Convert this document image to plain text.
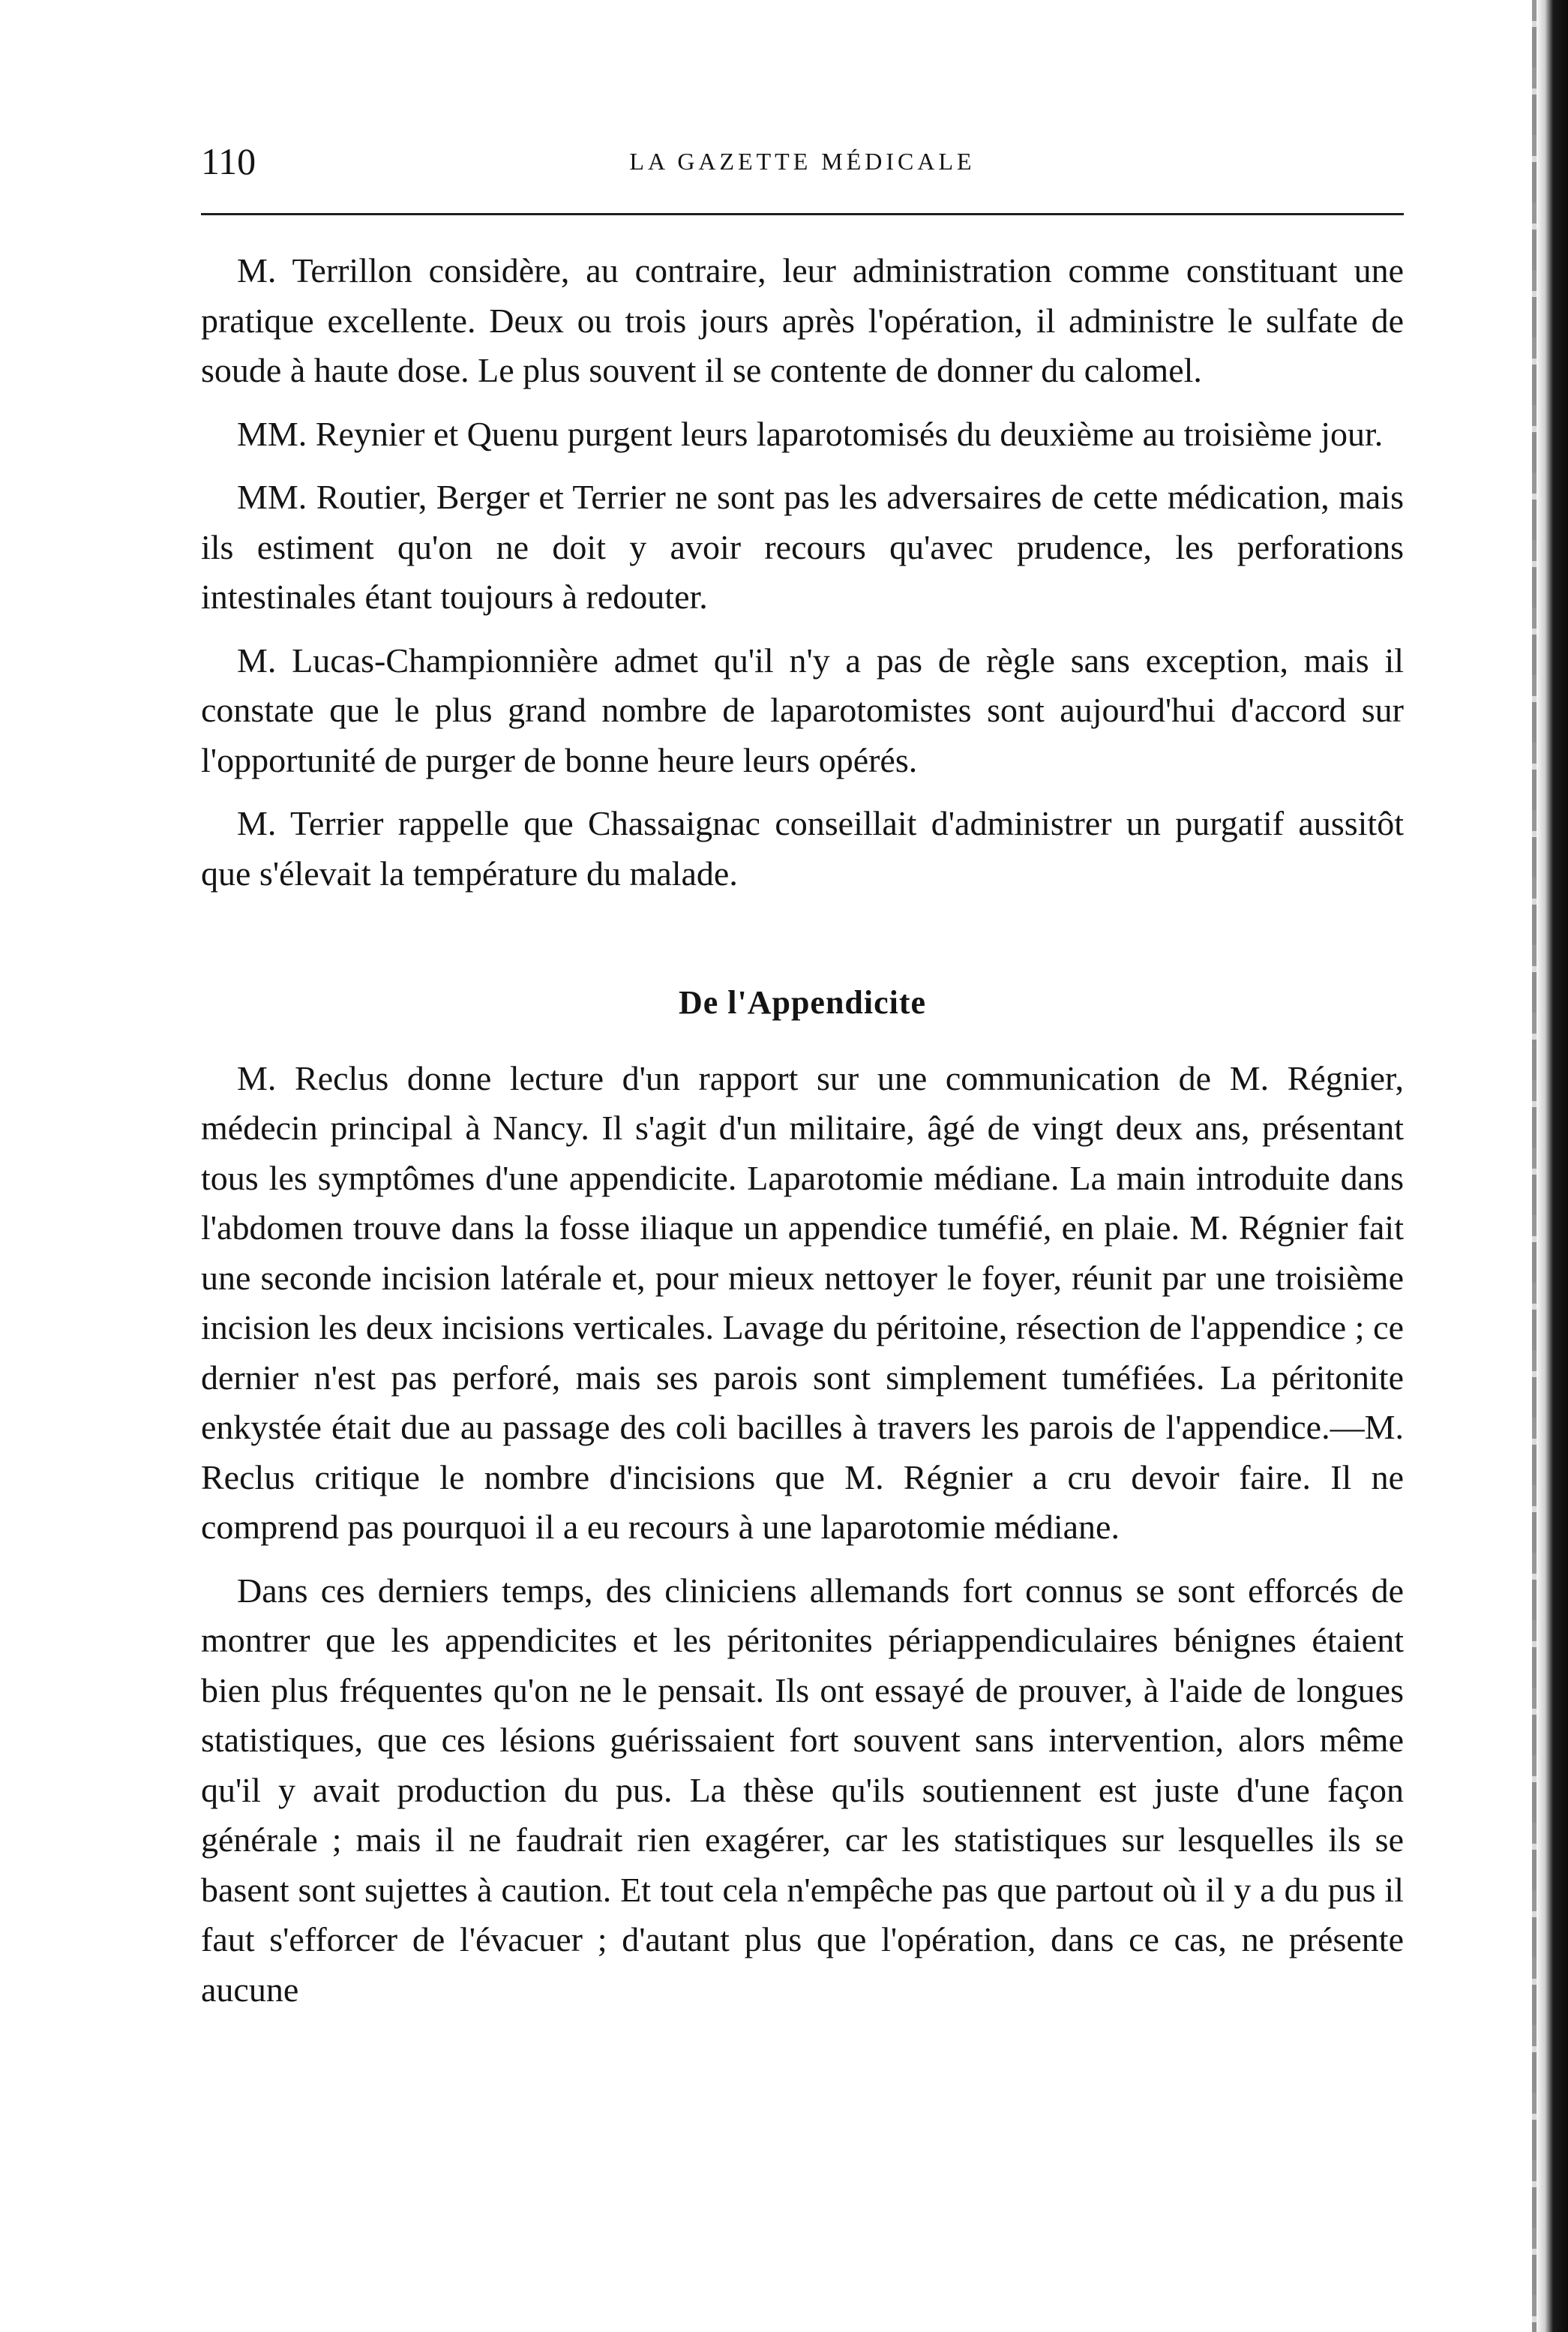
110	LA GAZETTE MÉDICALE

M. Terrillon considère, au contraire, leur administration comme constituant une pratique excellente. Deux ou trois jours après l'opération, il administre le sulfate de soude à haute dose. Le plus souvent il se contente de donner du calomel.

MM. Reynier et Quenu purgent leurs laparotomisés du deuxième au troisième jour.

MM. Routier, Berger et Terrier ne sont pas les adversaires de cette médication, mais ils estiment qu'on ne doit y avoir recours qu'avec prudence, les perforations intestinales étant toujours à redouter.

M. Lucas-Championnière admet qu'il n'y a pas de règle sans exception, mais il constate que le plus grand nombre de laparotomistes sont aujourd'hui d'accord sur l'opportunité de purger de bonne heure leurs opérés.

M. Terrier rappelle que Chassaignac conseillait d'administrer un purgatif aussitôt que s'élevait la température du malade.

De l'Appendicite

M. Reclus donne lecture d'un rapport sur une communication de M. Régnier, médecin principal à Nancy. Il s'agit d'un militaire, âgé de vingt deux ans, présentant tous les symptômes d'une appendicite. Laparotomie médiane. La main introduite dans l'abdomen trouve dans la fosse iliaque un appendice tuméfié, en plaie. M. Régnier fait une seconde incision latérale et, pour mieux nettoyer le foyer, réunit par une troisième incision les deux incisions verticales. Lavage du péritoine, résection de l'appendice ; ce dernier n'est pas perforé, mais ses parois sont simplement tuméfiées. La péritonite enkystée était due au passage des coli bacilles à travers les parois de l'appendice.—M. Reclus critique le nombre d'incisions que M. Régnier a cru devoir faire. Il ne comprend pas pourquoi il a eu recours à une laparotomie médiane.

Dans ces derniers temps, des cliniciens allemands fort connus se sont efforcés de montrer que les appendicites et les péritonites périappendiculaires bénignes étaient bien plus fréquentes qu'on ne le pensait. Ils ont essayé de prouver, à l'aide de longues statistiques, que ces lésions guérissaient fort souvent sans intervention, alors même qu'il y avait production du pus. La thèse qu'ils soutiennent est juste d'une façon générale ; mais il ne faudrait rien exagérer, car les statistiques sur lesquelles ils se basent sont sujettes à caution. Et tout cela n'empêche pas que partout où il y a du pus il faut s'efforcer de l'évacuer ; d'autant plus que l'opération, dans ce cas, ne présente aucune
